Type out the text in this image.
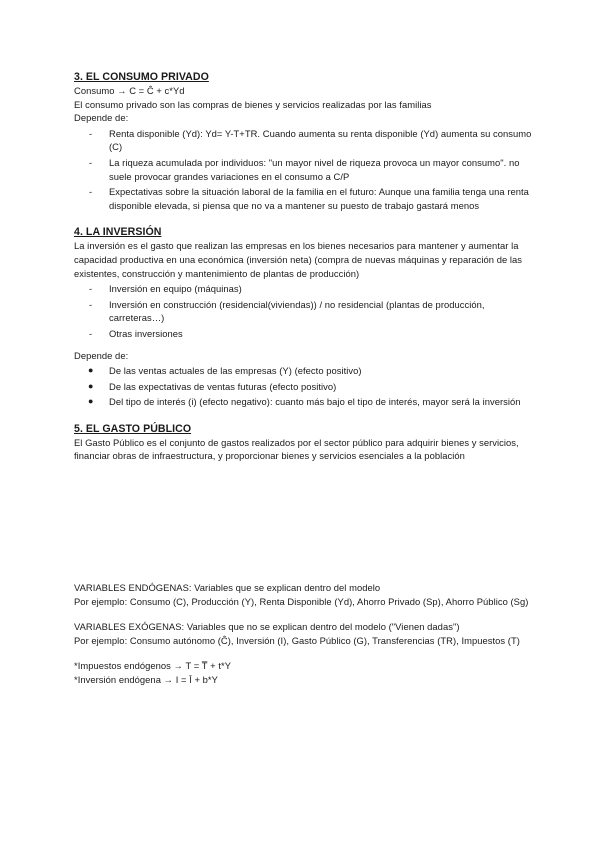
3. EL CONSUMO PRIVADO

Consumo → C = Ĉ + c*Yd

El consumo privado son las compras de bienes y servicios realizadas por las familias

Depende de:

- Renta disponible (Yd): Yd= Y-T+TR. Cuando aumenta su renta disponible (Yd) aumenta su consumo (C)
- La riqueza acumulada por individuos: "un mayor nivel de riqueza provoca un mayor consumo". no suele provocar grandes variaciones en el consumo a C/P
- Expectativas sobre la situación laboral de la familia en el futuro: Aunque una familia tenga una renta disponible elevada, si piensa que no va a mantener su puesto de trabajo gastará menos

4. LA INVERSIÓN

La inversión es el gasto que realizan las empresas en los bienes necesarios para mantener y aumentar la capacidad productiva en una económica (inversión neta) (compra de nuevas máquinas y reparación de las existentes, construcción y mantenimiento de plantas de producción)

- Inversión en equipo (máquinas)
- Inversión en construcción (residencial(viviendas)) / no residencial (plantas de producción, carreteras…)
- Otras inversiones

Depende de:

● De las ventas actuales de las empresas (Y) (efecto positivo)
● De las expectativas de ventas futuras (efecto positivo)
● Del tipo de interés (i) (efecto negativo): cuanto más bajo el tipo de interés, mayor será la inversión

5. EL GASTO PÚBLICO

El Gasto Público es el conjunto de gastos realizados por el sector público para adquirir bienes y servicios, financiar obras de infraestructura, y proporcionar bienes y servicios esenciales a la población

VARIABLES ENDÓGENAS: Variables que se explican dentro del modelo

Por ejemplo: Consumo (C), Producción (Y), Renta Disponible (Yd), Ahorro Privado (Sp), Ahorro Público (Sg)

VARIABLES EXÓGENAS: Variables que no se explican dentro del modelo ("Vienen dadas")

Por ejemplo: Consumo autónomo (Ĉ), Inversión (I), Gasto Público (G), Transferencias (TR), Impuestos (T)

*Impuestos endógenos → T = T̅ + t*Y

*Inversión endógena → I = Ī + b*Y
